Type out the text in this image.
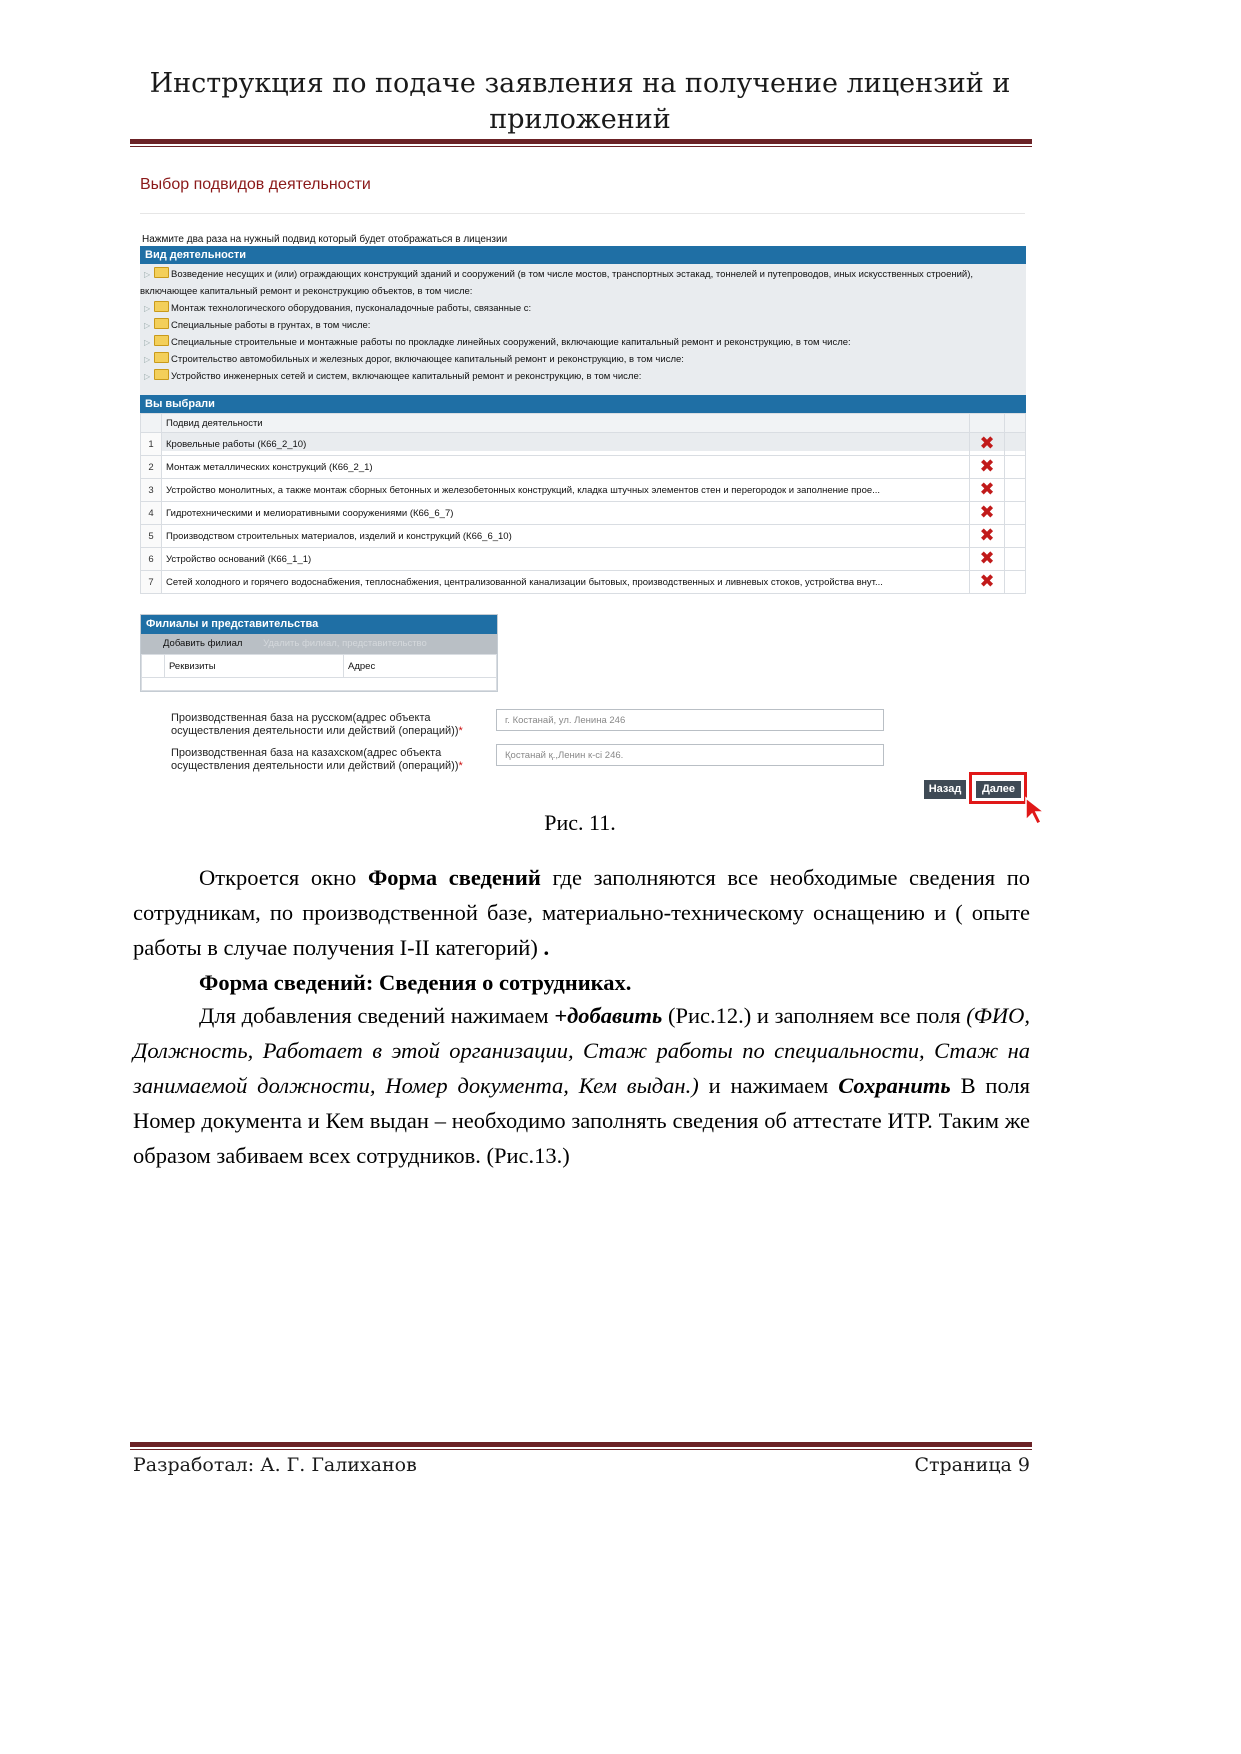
Инструкция по подаче заявления на получение лицензий и
приложений
Выбор подвидов деятельности
Нажмите два раза на нужный подвид который будет отображаться в лицензии
Вид деятельности
▷ Возведение несущих и (или) ограждающих конструкций зданий и сооружений (в том числе мостов, транспортных эстакад, тоннелей и путепроводов, иных искусственных строений), включающее капитальный ремонт и реконструкцию объектов, в том числе:
▷ Монтаж технологического оборудования, пусконаладочные работы, связанные с:
▷ Специальные работы в грунтах, в том числе:
▷ Специальные строительные и монтажные работы по прокладке линейных сооружений, включающие капитальный ремонт и реконструкцию, в том числе:
▷ Строительство автомобильных и железных дорог, включающее капитальный ремонт и реконструкцию, в том числе:
▷ Устройство инженерных сетей и систем, включающее капитальный ремонт и реконструкцию, в том числе:
Вы выбрали
	Подвид деятельности		
1	Кровельные работы (К66_2_10)	✖	
2	Монтаж металлических конструкций (К66_2_1)	✖	
3	Устройство монолитных, а также монтаж сборных бетонных и железобетонных конструкций, кладка штучных элементов стен и перегородок и заполнение прое...	✖	
4	Гидротехническими и мелиоративными сооружениями (К66_6_7)	✖	
5	Производством строительных материалов, изделий и конструкций (К66_6_10)	✖	
6	Устройство оснований (К66_1_1)	✖	
7	Сетей холодного и горячего водоснабжения, теплоснабжения, централизованной канализации бытовых, производственных и ливневых стоков, устройства внут...	✖	
Филиалы и представительства
Добавить филиал Удалить филиал, представительство
	Реквизиты	Адрес

Производственная база на русском(адрес объекта осуществления деятельности или действий (операций))*
г. Костанай, ул. Ленина 246
Производственная база на казахском(адрес объекта осуществления деятельности или действий (операций))*
Қостанай қ.,Ленин к-сі 246.
Назад	Далее
Рис. 11.
Откроется окно Форма сведений где заполняются все необходимые сведения по сотрудникам, по производственной базе, материально-техническому оснащению и ( опыте работы в случае получения I-II категорий) .
Форма сведений: Сведения о сотрудниках.
Для добавления сведений нажимаем +добавить (Рис.12.) и заполняем все поля (ФИО, Должность, Работает в этой организации, Стаж работы по специальности, Стаж на занимаемой должности, Номер документа, Кем выдан.) и нажимаем Сохранить В поля Номер документа и Кем выдан – необходимо заполнять сведения об аттестате ИТР. Таким же образом забиваем всех сотрудников. (Рис.13.)
Разработал: А. Г. Галиханов	Страница 9
